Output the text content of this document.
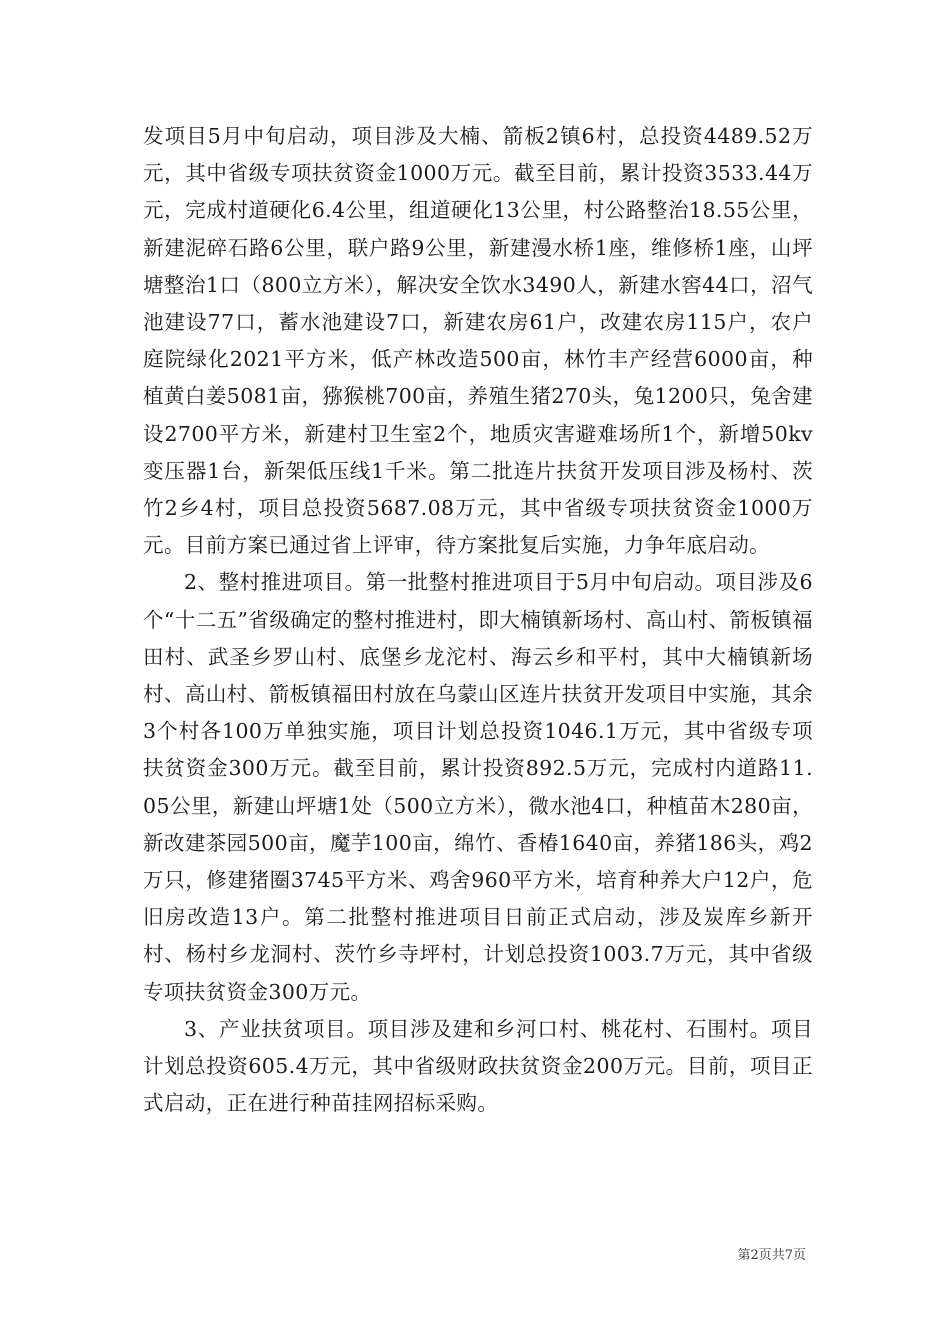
发项目5月中旬启动，项目涉及大楠、箭板2镇6村，总投资4489.52万元，其中省级专项扶贫资金1000万元。截至目前，累计投资3533.44万元，完成村道硬化6.4公里，组道硬化13公里，村公路整治18.55公里，新建泥碎石路6公里，联户路9公里，新建漫水桥1座，维修桥1座，山坪塘整治1口（800立方米），解决安全饮水3490人，新建水窖44口，沼气池建设77口，蓄水池建设7口，新建农房61户，改建农房115户，农户庭院绿化2021平方米，低产林改造500亩，林竹丰产经营6000亩，种植黄白姜5081亩，猕猴桃700亩，养殖生猪270头，兔1200只，兔舍建设2700平方米，新建村卫生室2个，地质灾害避难场所1个，新增50kv变压器1台，新架低压线1千米。第二批连片扶贫开发项目涉及杨村、茨竹2乡4村，项目总投资5687.08万元，其中省级专项扶贫资金1000万元。目前方案已通过省上评审，待方案批复后实施，力争年底启动。

2、整村推进项目。第一批整村推进项目于5月中旬启动。项目涉及6个“十二五”省级确定的整村推进村，即大楠镇新场村、高山村、箭板镇福田村、武圣乡罗山村、底堡乡龙沱村、海云乡和平村，其中大楠镇新场村、高山村、箭板镇福田村放在乌蒙山区连片扶贫开发项目中实施，其余3个村各100万单独实施，项目计划总投资1046.1万元，其中省级专项扶贫资金300万元。截至目前，累计投资892.5万元，完成村内道路11.05公里，新建山坪塘1处（500立方米），微水池4口，种植苗木280亩，新改建茶园500亩，魔芋100亩，绵竹、香椿1640亩，养猪186头，鸡2万只，修建猪圈3745平方米、鸡舍960平方米，培育种养大户12户，危旧房改造13户。第二批整村推进项目日前正式启动，涉及炭库乡新开村、杨村乡龙洞村、茨竹乡寺坪村，计划总投资1003.7万元，其中省级专项扶贫资金300万元。

3、产业扶贫项目。项目涉及建和乡河口村、桃花村、石围村。项目计划总投资605.4万元，其中省级财政扶贫资金200万元。目前，项目正式启动，正在进行种苗挂网招标采购。

第2页共7页
